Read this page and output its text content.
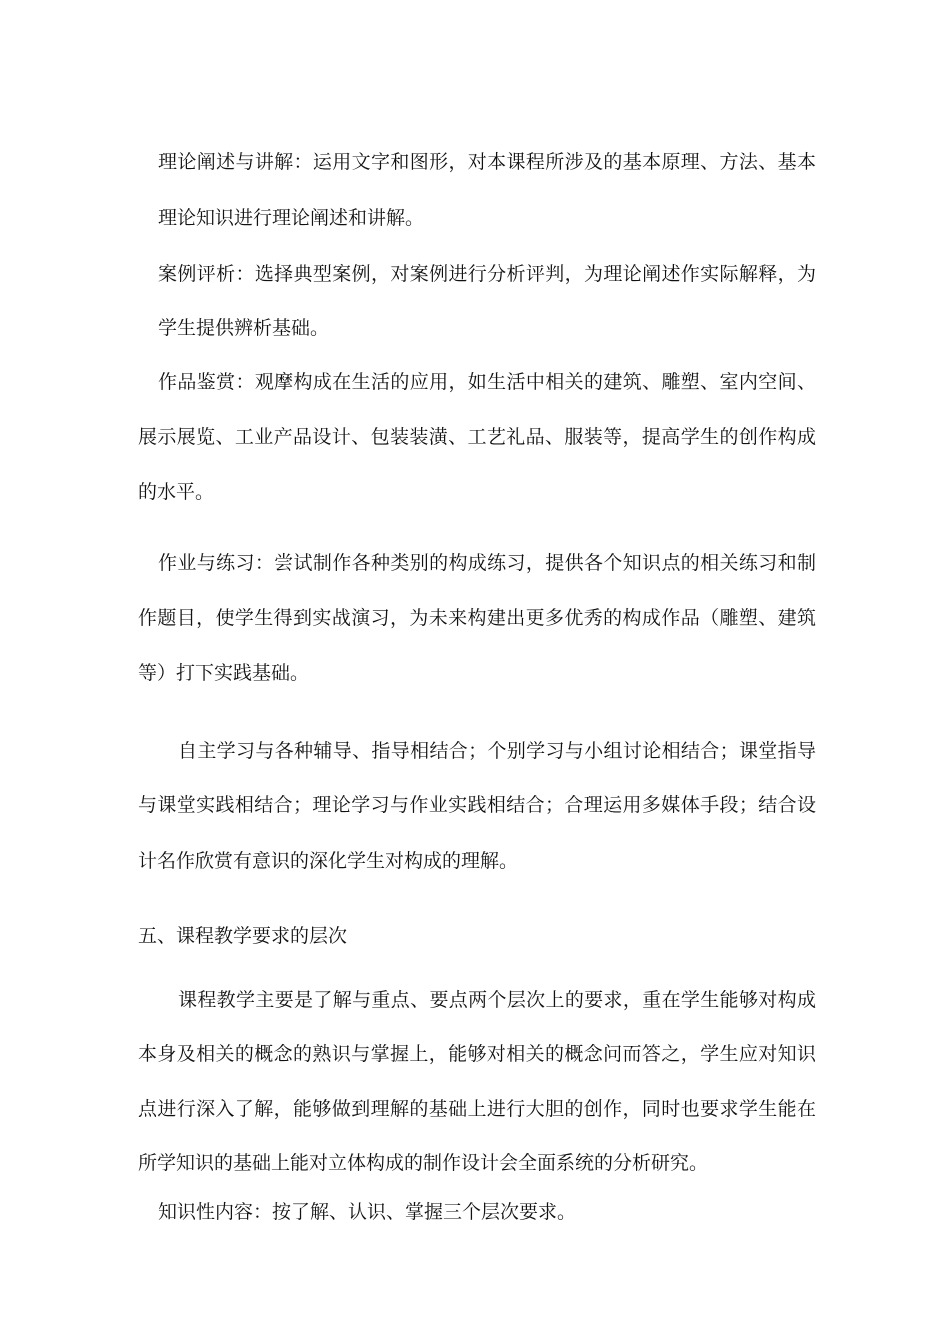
理论阐述与讲解：运用文字和图形，对本课程所涉及的基本原理、方法、基本
理论知识进行理论阐述和讲解。
案例评析：选择典型案例，对案例进行分析评判，为理论阐述作实际解释，为
学生提供辨析基础。
作品鉴赏：观摩构成在生活的应用，如生活中相关的建筑、雕塑、室内空间、
展示展览、工业产品设计、包装装潢、工艺礼品、服装等，提高学生的创作构成
的水平。
作业与练习：尝试制作各种类别的构成练习，提供各个知识点的相关练习和制
作题目，使学生得到实战演习，为未来构建出更多优秀的构成作品（雕塑、建筑
等）打下实践基础。
自主学习与各种辅导、指导相结合；个别学习与小组讨论相结合；课堂指导
与课堂实践相结合；理论学习与作业实践相结合；合理运用多媒体手段；结合设
计名作欣赏有意识的深化学生对构成的理解。
五、课程教学要求的层次
课程教学主要是了解与重点、要点两个层次上的要求，重在学生能够对构成
本身及相关的概念的熟识与掌握上，能够对相关的概念问而答之，学生应对知识
点进行深入了解，能够做到理解的基础上进行大胆的创作，同时也要求学生能在
所学知识的基础上能对立体构成的制作设计会全面系统的分析研究。
知识性内容：按了解、认识、掌握三个层次要求。
